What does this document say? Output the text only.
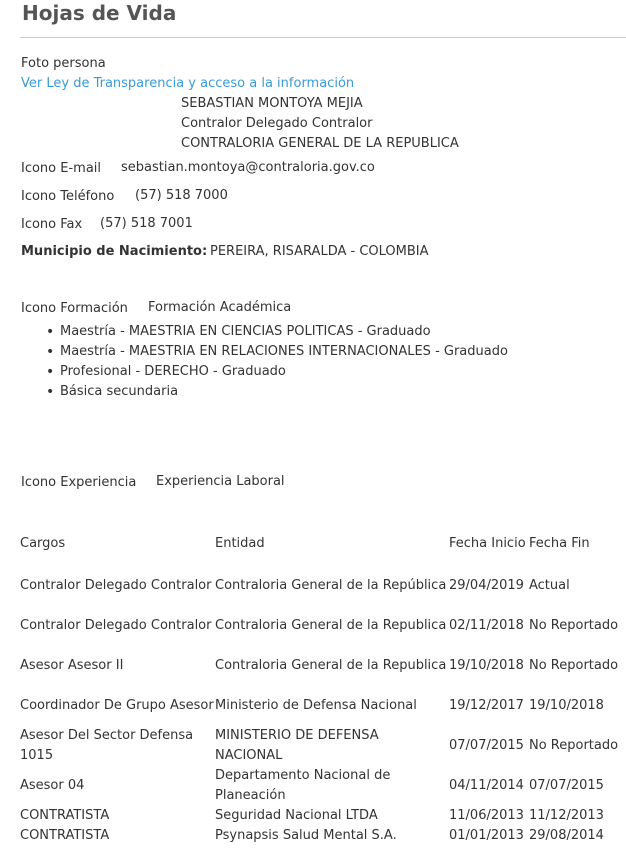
Hojas de Vida
Foto persona
Ver Ley de Transparencia y acceso a la información
SEBASTIAN MONTOYA MEJIA
Contralor Delegado Contralor
CONTRALORIA GENERAL DE LA REPUBLICA
Icono E-mail sebastian.montoya@contraloria.gov.co
Icono Teléfono (57) 518 7000
Icono Fax (57) 518 7001
Municipio de Nacimiento: PEREIRA, RISARALDA - COLOMBIA
Icono Formación Formación Académica
• Maestría - MAESTRIA EN CIENCIAS POLITICAS - Graduado
• Maestría - MAESTRIA EN RELACIONES INTERNACIONALES - Graduado
• Profesional - DERECHO - Graduado
• Básica secundaria
Icono Experiencia Experiencia Laboral
Cargos	Entidad	Fecha Inicio	Fecha Fin
Contralor Delegado Contralor	Contraloria General de la República	29/04/2019	Actual
Contralor Delegado Contralor	Contraloria General de la Republica	02/11/2018	No Reportado
Asesor Asesor II	Contraloria General de la Republica	19/10/2018	No Reportado
Coordinador De Grupo Asesor	Ministerio de Defensa Nacional	19/12/2017	19/10/2018
Asesor Del Sector Defensa 1015	MINISTERIO DE DEFENSA NACIONAL	07/07/2015	No Reportado
Asesor 04	Departamento Nacional de Planeación	04/11/2014	07/07/2015
CONTRATISTA	Seguridad Nacional LTDA	11/06/2013	11/12/2013
CONTRATISTA	Psynapsis Salud Mental S.A.	01/01/2013	29/08/2014
